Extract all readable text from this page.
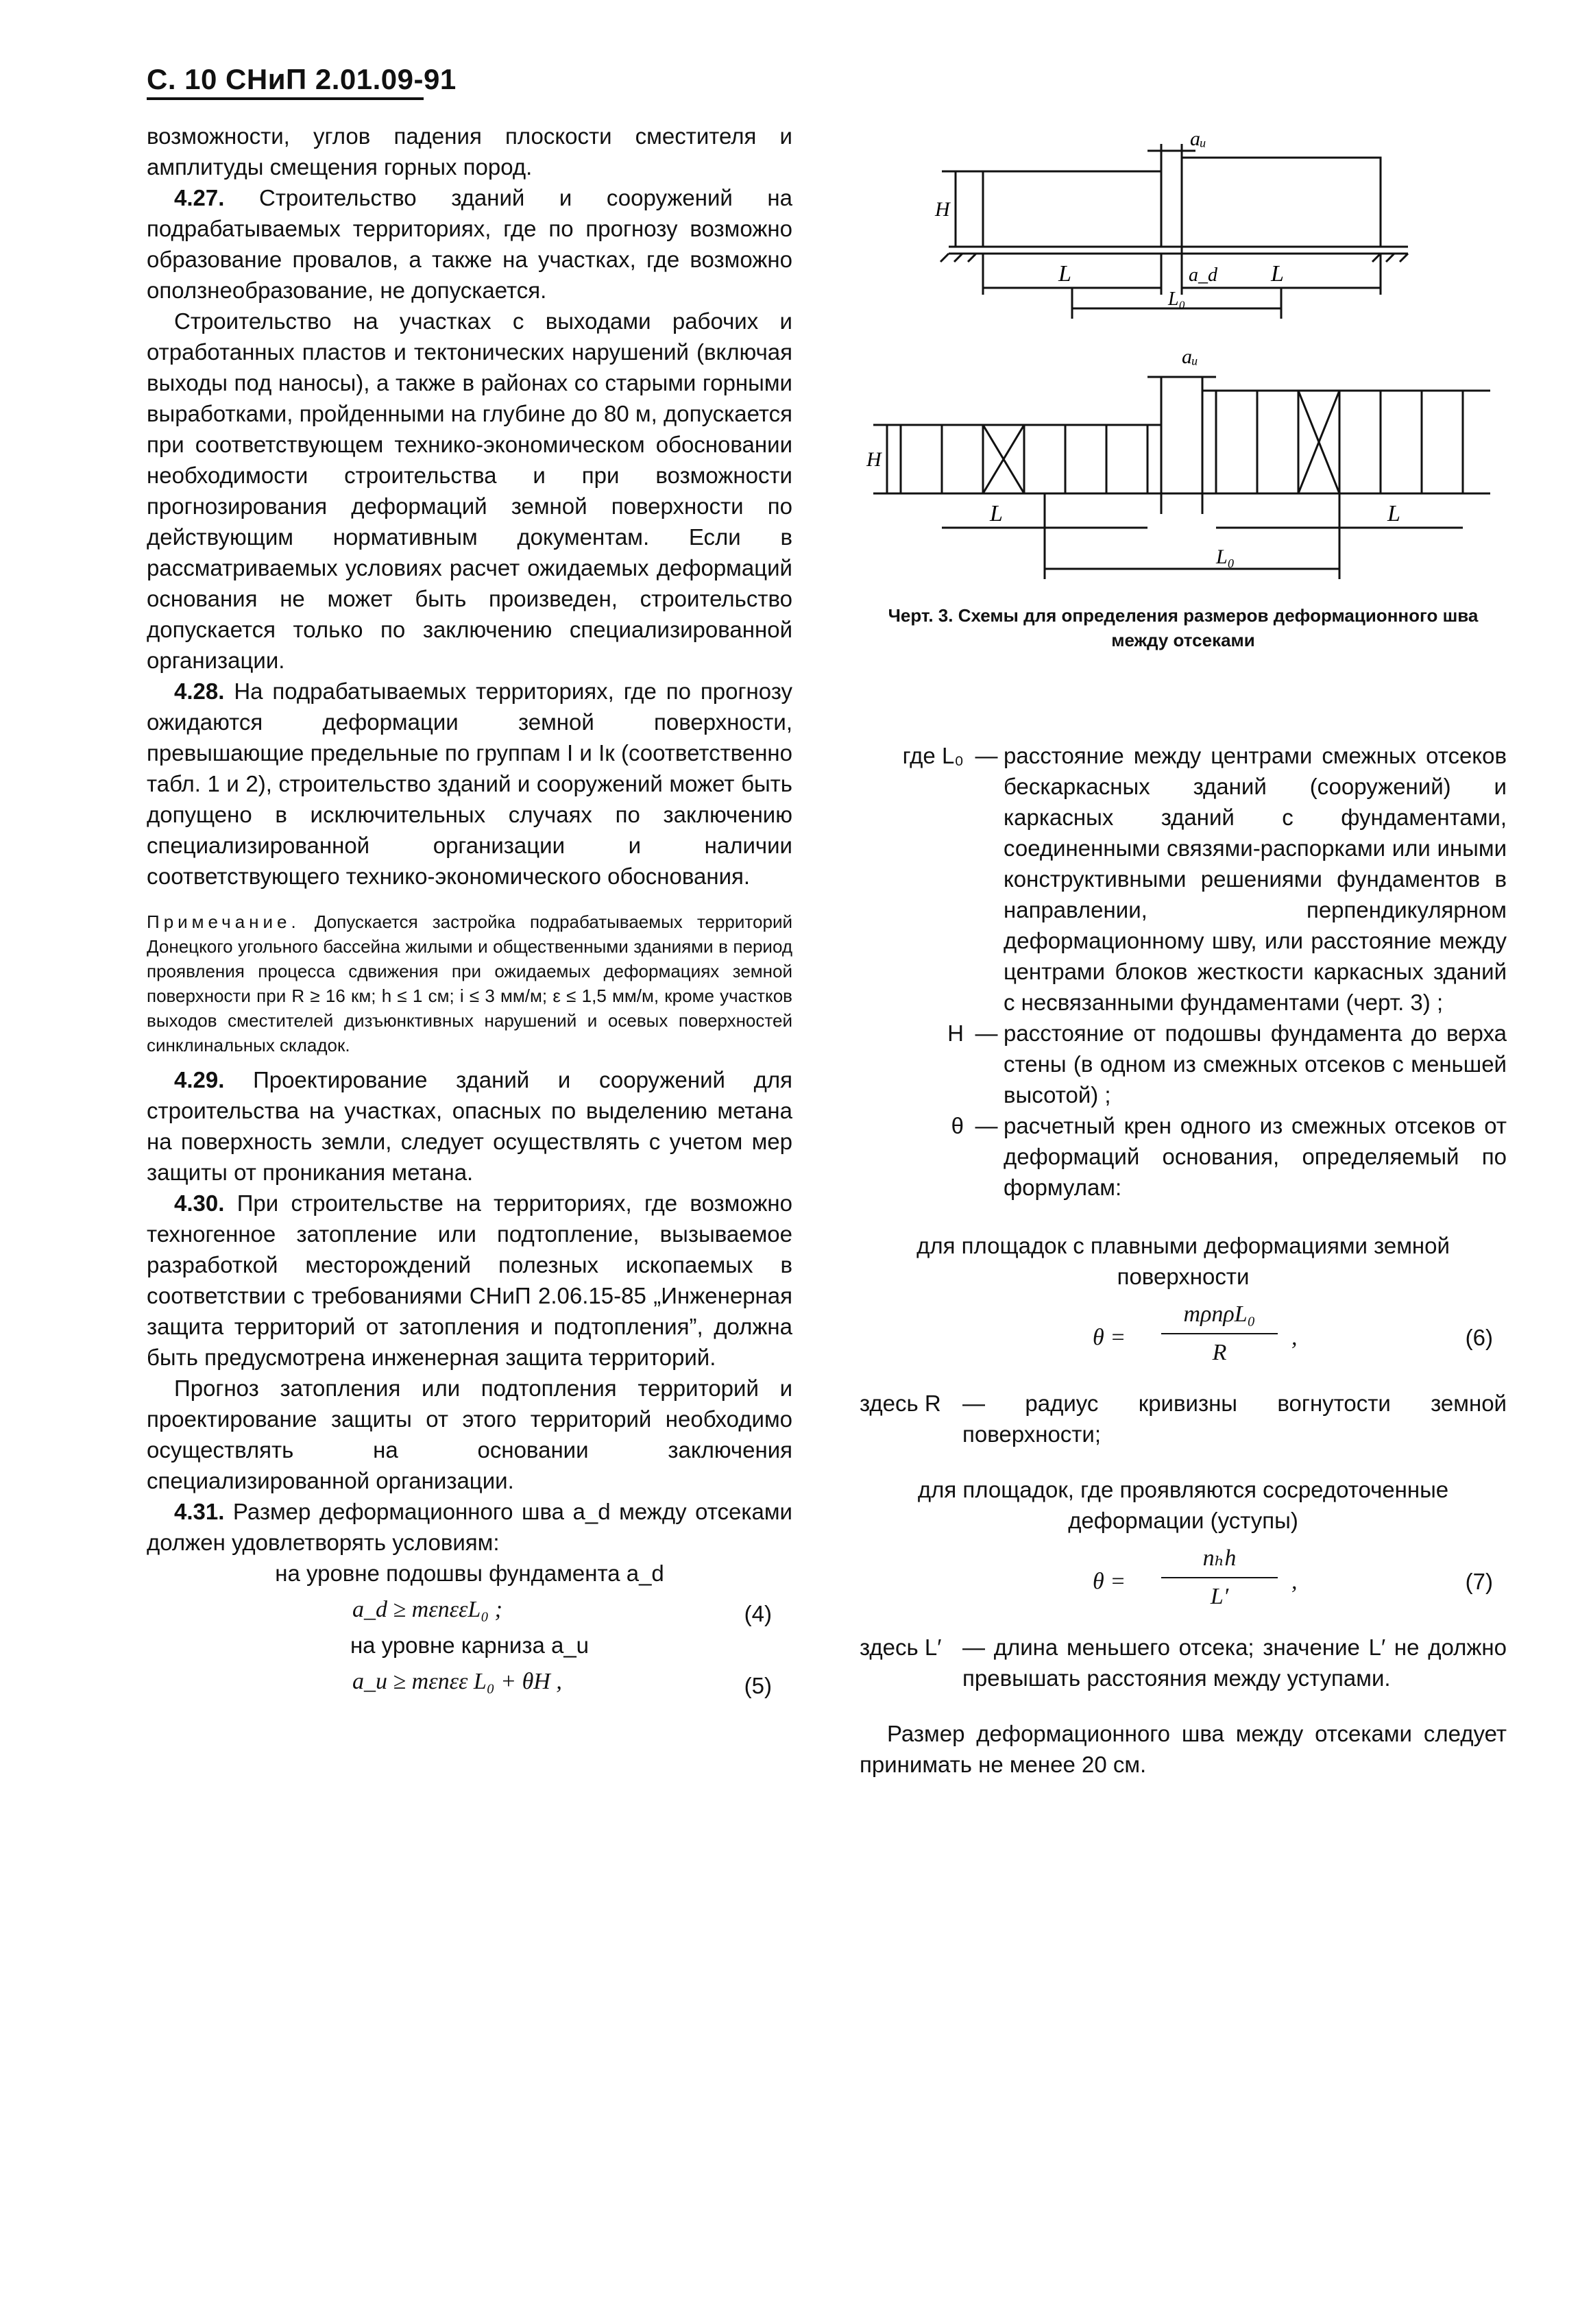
С. 10 СНиП 2.01.09-91

возможности, углов падения плоскости сместителя и амплитуды смещения горных пород.

4.27. Строительство зданий и сооружений на подрабатываемых территориях, где по прогнозу возможно образование провалов, а также на участках, где возможно оползнеобразование, не допускается.

Строительство на участках с выходами рабочих и отработанных пластов и тектонических нарушений (включая выходы под наносы), а также в районах со старыми горными выработками, пройденными на глубине до 80 м, допускается при соответствующем технико-экономическом обосновании необходимости строительства и при возможности прогнозирования деформаций земной поверхности по действующим нормативным документам. Если в рассматриваемых условиях расчет ожидаемых деформаций основания не может быть произведен, строительство допускается только по заключению специализированной организации.

4.28. На подрабатываемых территориях, где по прогнозу ожидаются деформации земной поверхности, превышающие предельные по группам I и Iк (соответственно табл. 1 и 2), строительство зданий и сооружений может быть допущено в исключительных случаях по заключению специализированной организации и наличии соответствующего технико-экономического обоснования.

Примечание. Допускается застройка подрабатываемых территорий Донецкого угольного бассейна жилыми и общественными зданиями в период проявления процесса сдвижения при ожидаемых деформациях земной поверхности при R ≥ 16 км; h ≤ 1 см; i ≤ 3 мм/м; ε ≤ 1,5 мм/м, кроме участков выходов сместителей дизъюнктивных нарушений и осевых поверхностей синклинальных складок.

4.29. Проектирование зданий и сооружений для строительства на участках, опасных по выделению метана на поверхность земли, следует осуществлять с учетом мер защиты от проникания метана.

4.30. При строительстве на территориях, где возможно техногенное затопление или подтопление, вызываемое разработкой месторождений полезных ископаемых в соответствии с требованиями СНиП 2.06.15-85 „Инженерная защита территорий от затопления и подтопления”, должна быть предусмотрена инженерная защита территорий.

Прогноз затопления или подтопления территорий и проектирование защиты от этого территорий необходимо осуществлять на основании заключения специализированной организации.

4.31. Размер деформационного шва a_d между отсеками должен удовлетворять условиям:

на уровне подошвы фундамента a_d

a_d ≥ mεnεεL₀ ;	(4)

на уровне карниза a_u

a_u ≥ mεnεε L₀ + θH ,	(5)
aᵤ
H
L	a_d L
L₀
aᵤ
H
L	L
L₀
Черт. 3. Схемы для определения размеров деформационного шва между отсеками
где L₀ — расстояние между центрами смежных отсеков бескаркасных зданий (сооружений) и каркасных зданий с фундаментами, соединенными связями-распорками или иными конструктивными решениями фундаментов в направлении, перпендикулярном деформационному шву, или расстояние между центрами блоков жесткости каркасных зданий с несвязанными фундаментами (черт. 3) ;
H — расстояние от подошвы фундамента до верха стены (в одном из смежных отсеков с меньшей высотой) ;
θ — расчетный крен одного из смежных отсеков от деформаций основания, определяемый по формулам:

для площадок с плавными деформациями земной поверхности

θ =
mρnρL₀
R
,	(6)
здесь R — радиус кривизны вогнутости земной поверхности;

для площадок, где проявляются сосредоточенные деформации (уступы)

θ =
nₕh
L′
,	(7)
здесь L′ — длина меньшего отсека; значение L′ не должно превышать расстояния между уступами.

Размер деформационного шва между отсеками следует принимать не менее 20 см.
